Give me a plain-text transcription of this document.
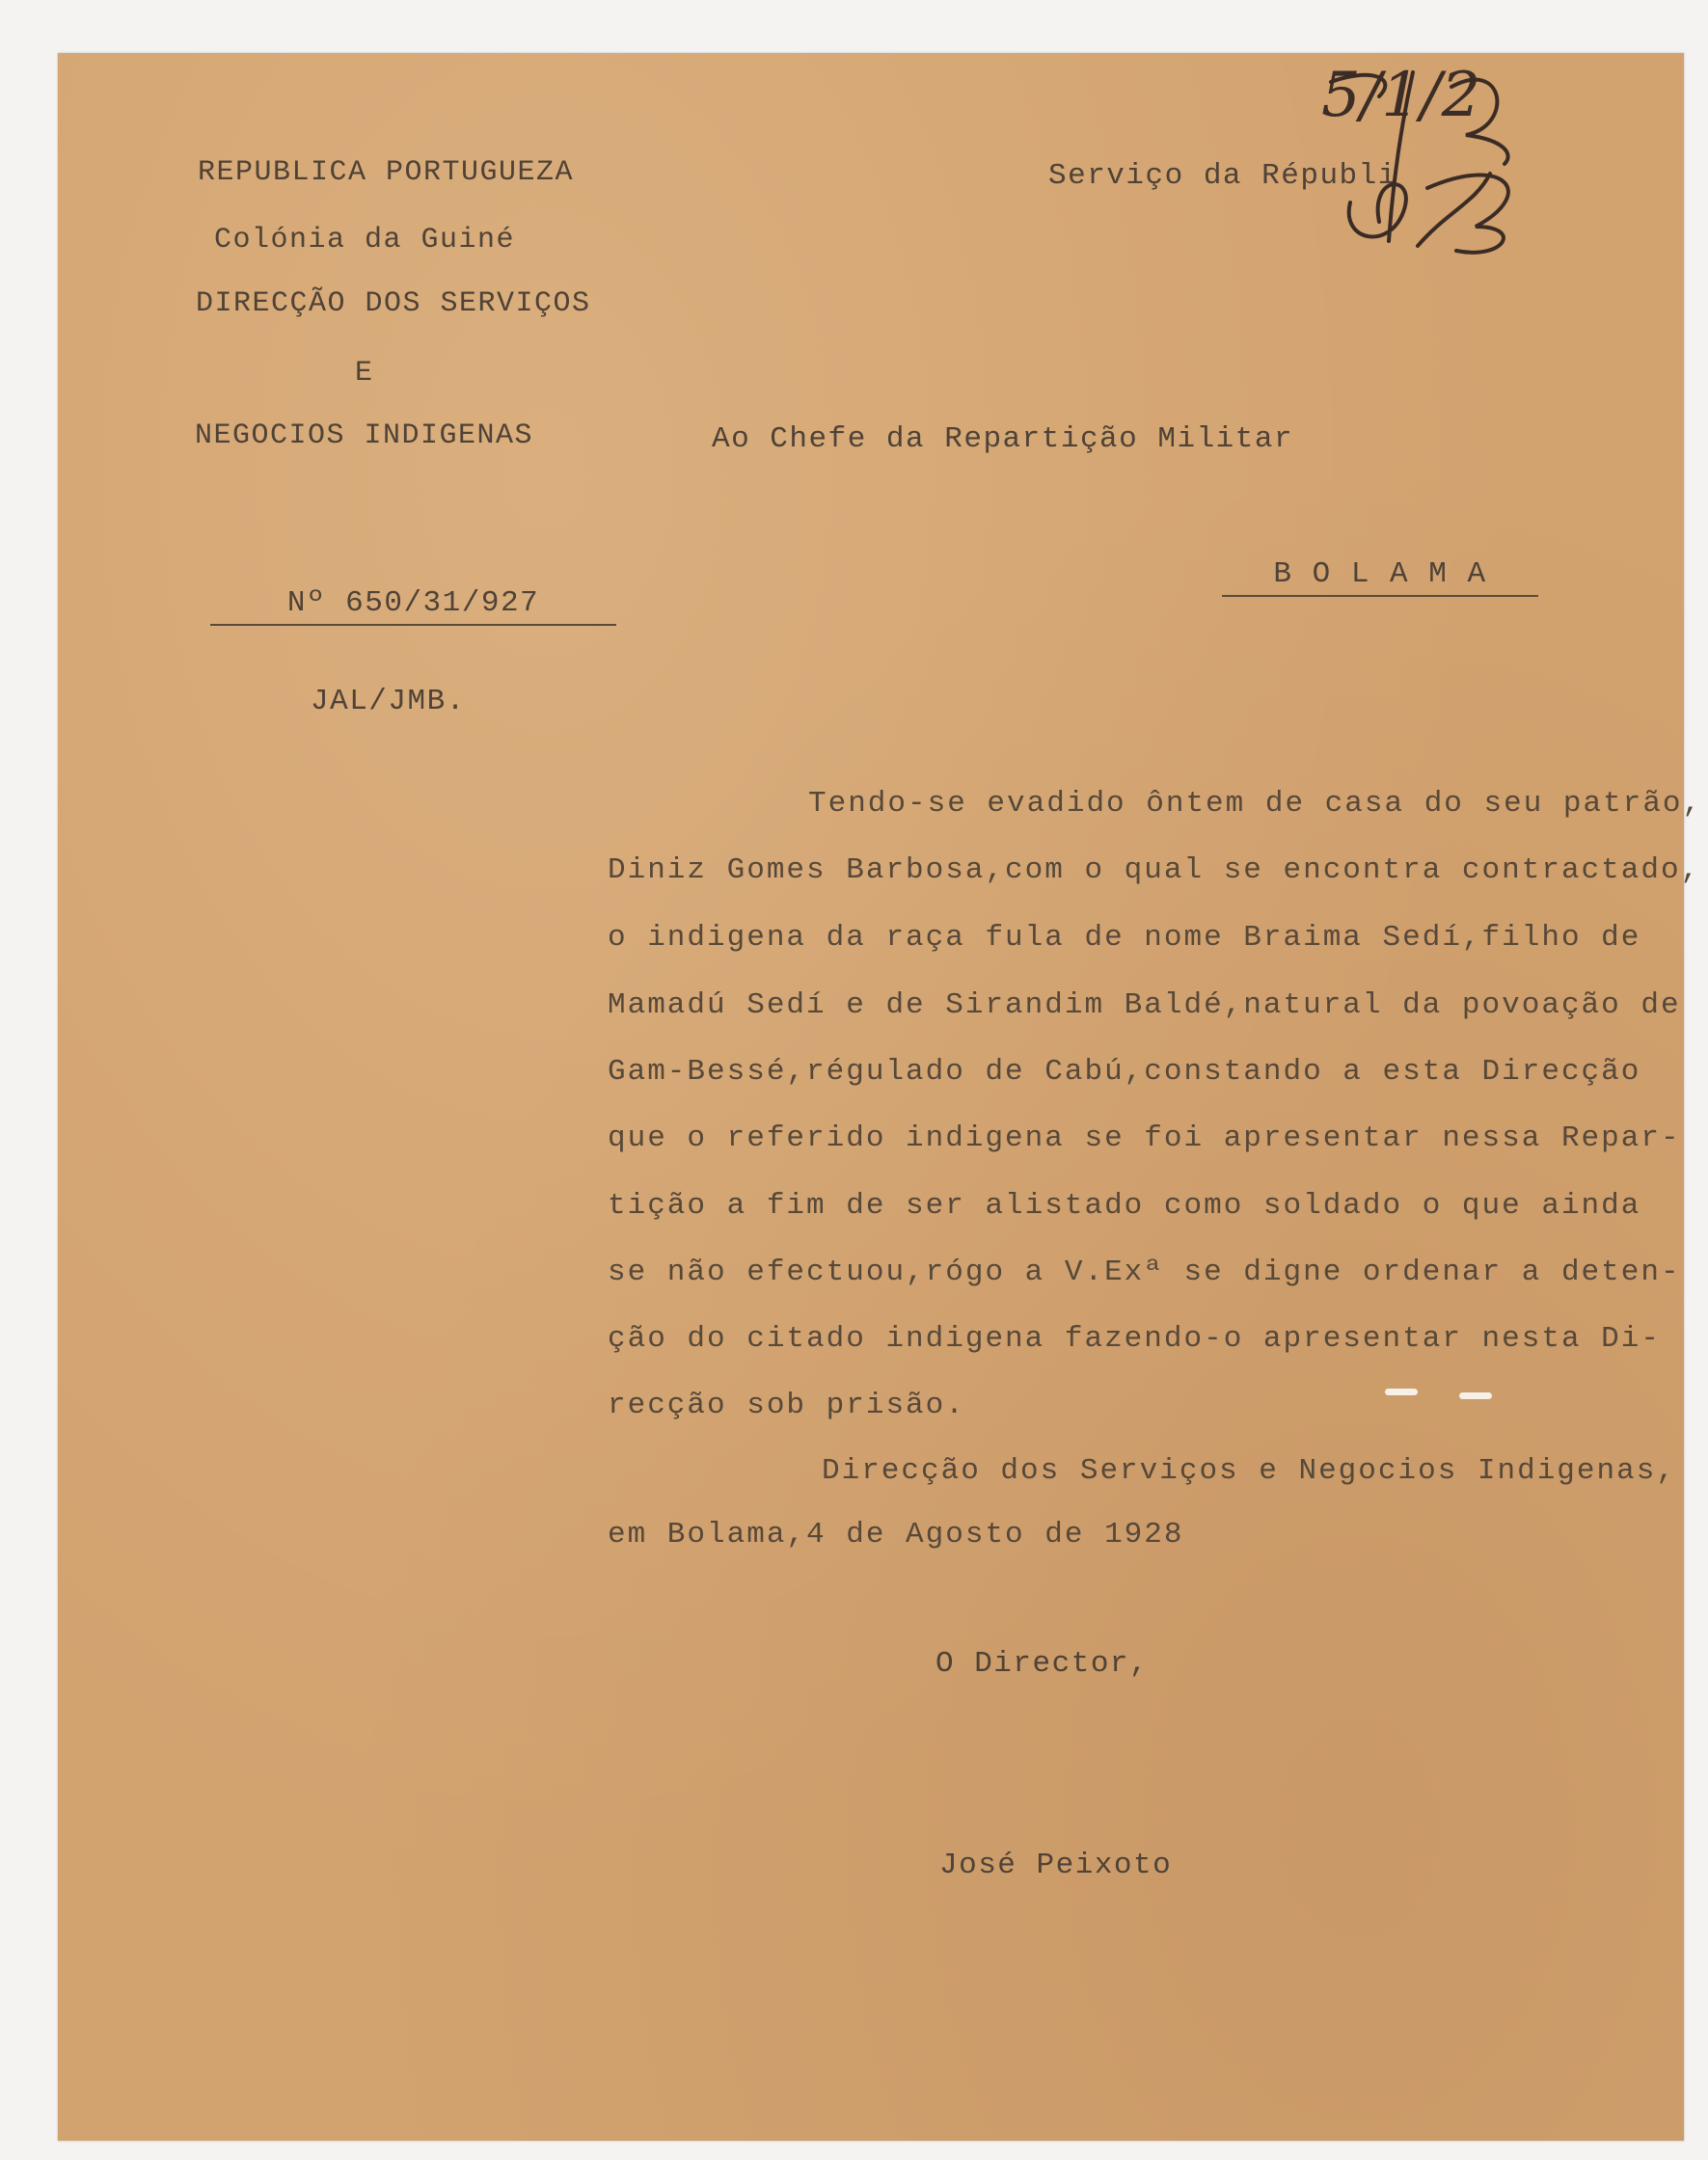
REPUBLICA PORTUGUEZA
Colónia da Guiné
DIRECÇÃO DOS SERVIÇOS
E
NEGOCIOS INDIGENAS
Serviço da Républi
5/1/2
Ao Chefe da Repartição Militar
B O L A M A
Nº 650/31/927
JAL/JMB.
Tendo-se evadido ôntem de casa do seu patrão,
Diniz Gomes Barbosa,com o qual se encontra contractado,
o indigena da raça fula de nome Braima Sedí,filho de
Mamadú Sedí e de Sirandim Baldé,natural da povoação de
Gam-Bessé,régulado de Cabú,constando a esta Direcção
que o referido indigena se foi apresentar nessa Repar-
tição a fim de ser alistado como soldado o que ainda
se não efectuou,rógo a V.Exª se digne ordenar a deten-
ção do citado indigena fazendo-o apresentar nesta Di-
recção sob prisão.
Direcção dos Serviços e Negocios Indigenas,
em Bolama,4 de Agosto de 1928
O Director,
José Peixoto
